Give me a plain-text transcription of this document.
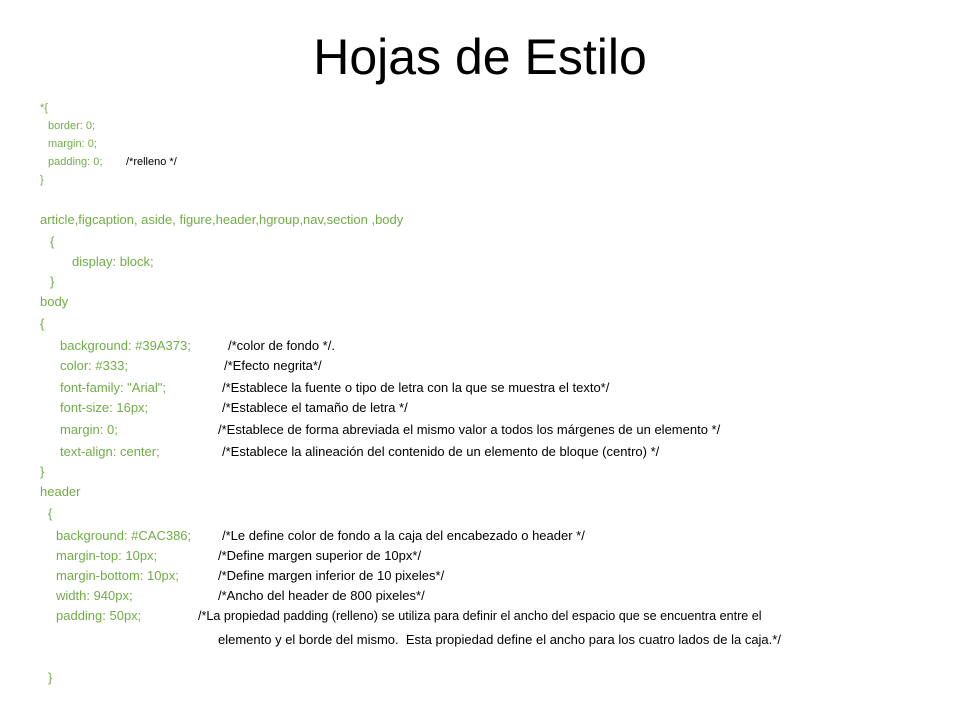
Hojas de Estilo
*{
border: 0;
margin: 0;
padding: 0; /*relleno */
}
article,figcaption, aside, figure,header,hgroup,nav,section ,body
{
display: block;
}
body
{
background: #39A373;	/*color de fondo */.
color: #333;	/*Efecto negrita*/
font-family: "Arial";	/*Establece la fuente o tipo de letra con la que se muestra el texto*/
font-size: 16px;	/*Establece el tamaño de letra */
margin: 0;	/*Establece de forma abreviada el mismo valor a todos los márgenes de un elemento */
text-align: center;	/*Establece la alineación del contenido de un elemento de bloque (centro) */
}
header
{
background: #CAC386; /*Le define color de fondo a la caja del encabezado o header */
margin-top: 10px;	/*Define margen superior de 10px*/
margin-bottom: 10px;	/*Define margen inferior de 10 pixeles*/
width: 940px;	/*Ancho del header de 800 pixeles*/
padding: 50px;	/*La propiedad padding (relleno) se utiliza para definir el ancho del espacio que se encuentra entre el
elemento y el borde del mismo.  Esta propiedad define el ancho para los cuatro lados de la caja.*/
}
